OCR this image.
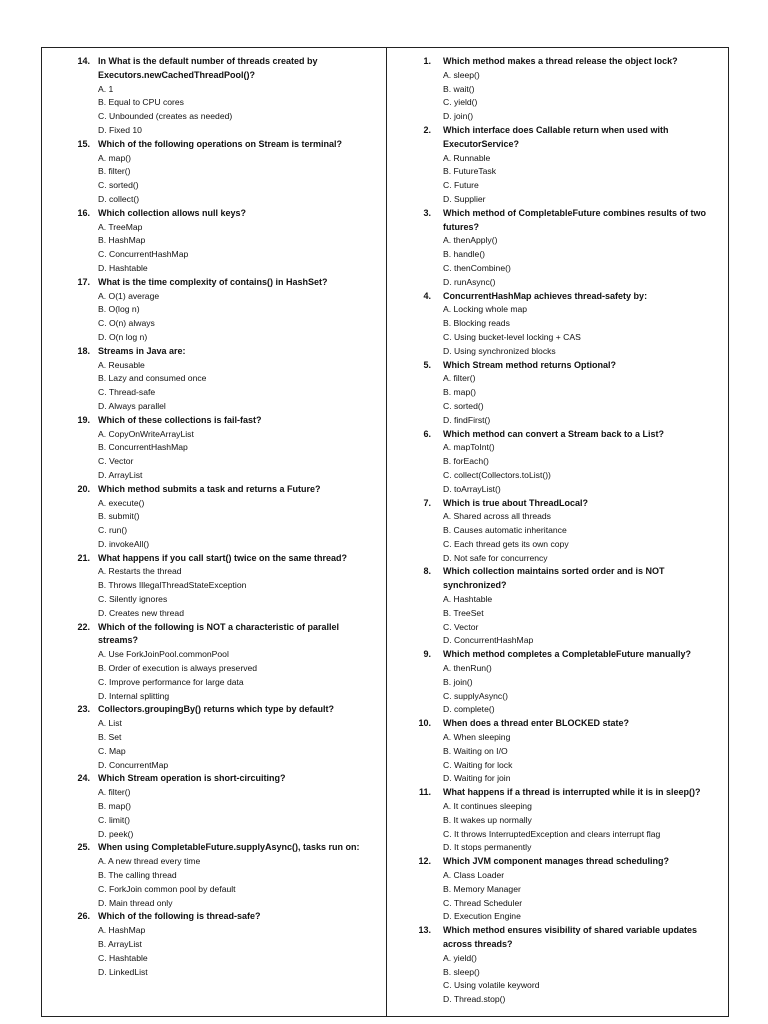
14. In What is the default number of threads created by Executors.newCachedThreadPool()?
A. 1
B. Equal to CPU cores
C. Unbounded (creates as needed)
D. Fixed 10
15. Which of the following operations on Stream is terminal?
A. map()
B. filter()
C. sorted()
D. collect()
16. Which collection allows null keys?
A. TreeMap
B. HashMap
C. ConcurrentHashMap
D. Hashtable
17. What is the time complexity of contains() in HashSet?
A. O(1) average
B. O(log n)
C. O(n) always
D. O(n log n)
18. Streams in Java are:
A. Reusable
B. Lazy and consumed once
C. Thread-safe
D. Always parallel
19. Which of these collections is fail-fast?
A. CopyOnWriteArrayList
B. ConcurrentHashMap
C. Vector
D. ArrayList
20. Which method submits a task and returns a Future?
A. execute()
B. submit()
C. run()
D. invokeAll()
21. What happens if you call start() twice on the same thread?
A. Restarts the thread
B. Throws IllegalThreadStateException
C. Silently ignores
D. Creates new thread
22. Which of the following is NOT a characteristic of parallel streams?
A. Use ForkJoinPool.commonPool
B. Order of execution is always preserved
C. Improve performance for large data
D. Internal splitting
23. Collectors.groupingBy() returns which type by default?
A. List
B. Set
C. Map
D. ConcurrentMap
24. Which Stream operation is short-circuiting?
A. filter()
B. map()
C. limit()
D. peek()
25. When using CompletableFuture.supplyAsync(), tasks run on:
A. A new thread every time
B. The calling thread
C. ForkJoin common pool by default
D. Main thread only
26. Which of the following is thread-safe?
A. HashMap
B. ArrayList
C. Hashtable
D. LinkedList
1. Which method makes a thread release the object lock?
A. sleep()
B. wait()
C. yield()
D. join()
2. Which interface does Callable return when used with ExecutorService?
A. Runnable
B. FutureTask
C. Future
D. Supplier
3. Which method of CompletableFuture combines results of two futures?
A. thenApply()
B. handle()
C. thenCombine()
D. runAsync()
4. ConcurrentHashMap achieves thread-safety by:
A. Locking whole map
B. Blocking reads
C. Using bucket-level locking + CAS
D. Using synchronized blocks
5. Which Stream method returns Optional?
A. filter()
B. map()
C. sorted()
D. findFirst()
6. Which method can convert a Stream back to a List?
A. mapToInt()
B. forEach()
C. collect(Collectors.toList())
D. toArrayList()
7. Which is true about ThreadLocal?
A. Shared across all threads
B. Causes automatic inheritance
C. Each thread gets its own copy
D. Not safe for concurrency
8. Which collection maintains sorted order and is NOT synchronized?
A. Hashtable
B. TreeSet
C. Vector
D. ConcurrentHashMap
9. Which method completes a CompletableFuture manually?
A. thenRun()
B. join()
C. supplyAsync()
D. complete()
10. When does a thread enter BLOCKED state?
A. When sleeping
B. Waiting on I/O
C. Waiting for lock
D. Waiting for join
11. What happens if a thread is interrupted while it is in sleep()?
A. It continues sleeping
B. It wakes up normally
C. It throws InterruptedException and clears interrupt flag
D. It stops permanently
12. Which JVM component manages thread scheduling?
A. Class Loader
B. Memory Manager
C. Thread Scheduler
D. Execution Engine
13. Which method ensures visibility of shared variable updates across threads?
A. yield()
B. sleep()
C. Using volatile keyword
D. Thread.stop()
